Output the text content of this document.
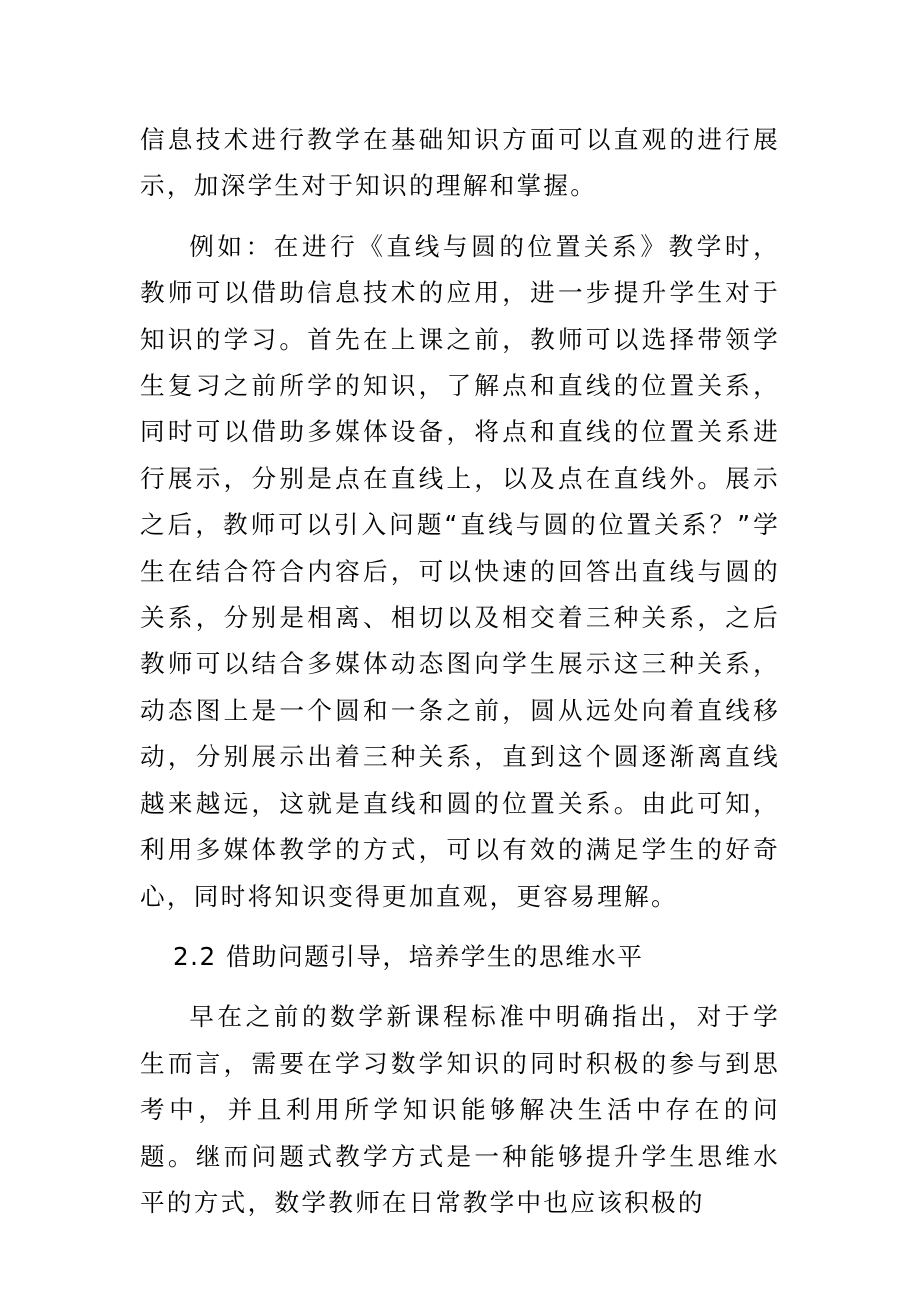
信息技术进行教学在基础知识方面可以直观的进行展示，加深学生对于知识的理解和掌握。

例如：在进行《直线与圆的位置关系》教学时，教师可以借助信息技术的应用，进一步提升学生对于知识的学习。首先在上课之前，教师可以选择带领学生复习之前所学的知识，了解点和直线的位置关系，同时可以借助多媒体设备，将点和直线的位置关系进行展示，分别是点在直线上，以及点在直线外。展示之后，教师可以引入问题“直线与圆的位置关系？”学生在结合符合内容后，可以快速的回答出直线与圆的关系，分别是相离、相切以及相交着三种关系，之后教师可以结合多媒体动态图向学生展示这三种关系，动态图上是一个圆和一条之前，圆从远处向着直线移动，分别展示出着三种关系，直到这个圆逐渐离直线越来越远，这就是直线和圆的位置关系。由此可知，利用多媒体教学的方式，可以有效的满足学生的好奇心，同时将知识变得更加直观，更容易理解。

2.2 借助问题引导，培养学生的思维水平

早在之前的数学新课程标准中明确指出，对于学生而言，需要在学习数学知识的同时积极的参与到思考中，并且利用所学知识能够解决生活中存在的问题。继而问题式教学方式是一种能够提升学生思维水平的方式，数学教师在日常教学中也应该积极的
